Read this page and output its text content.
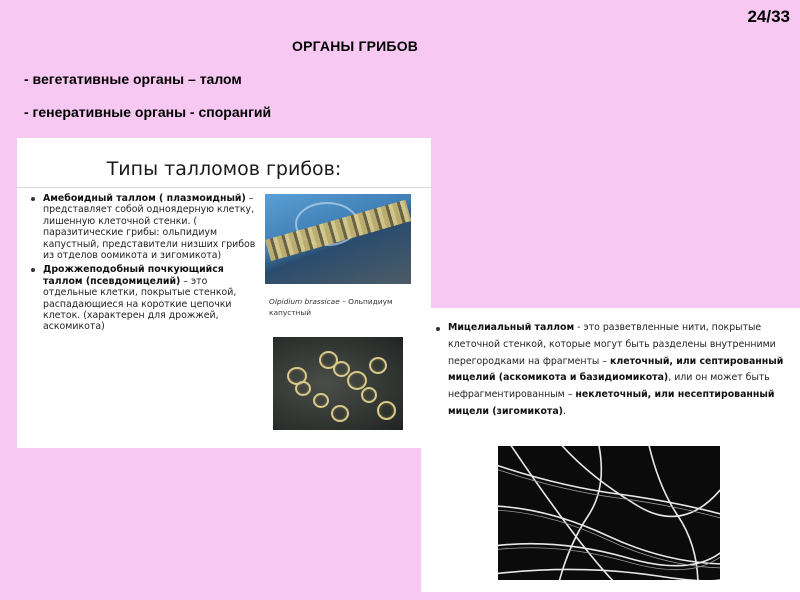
24/33
ОРГАНЫ ГРИБОВ
- вегетативные органы – талом
- генеративные органы - спорангий
Типы талломов грибов:
Амебоидный таллом ( плазмоидный) – представляет собой одноядерную клетку, лишенную клеточной стенки. ( паразитические грибы: ольпидиум капустный, представители низших грибов из отделов оомикота и зигомикота)
Дрожжеподобный почкующийся таллом (псевдомицелий) – это отдельные клетки, покрытые стенкой, распадающиеся на короткие цепочки клеток. (характерен для дрожжей, аскомикота)
Olpidium brassicae – Ольпидиум капустный
Мицелиальный таллом - это разветвленные нити, покрытые клеточной стенкой, которые могут быть разделены внутренними перегородками на фрагменты – клеточный, или септированный мицелий (аскомикота и базидиомикота), или он может быть нефрагментированным – неклеточный, или несептированный мицели (зигомикота).
